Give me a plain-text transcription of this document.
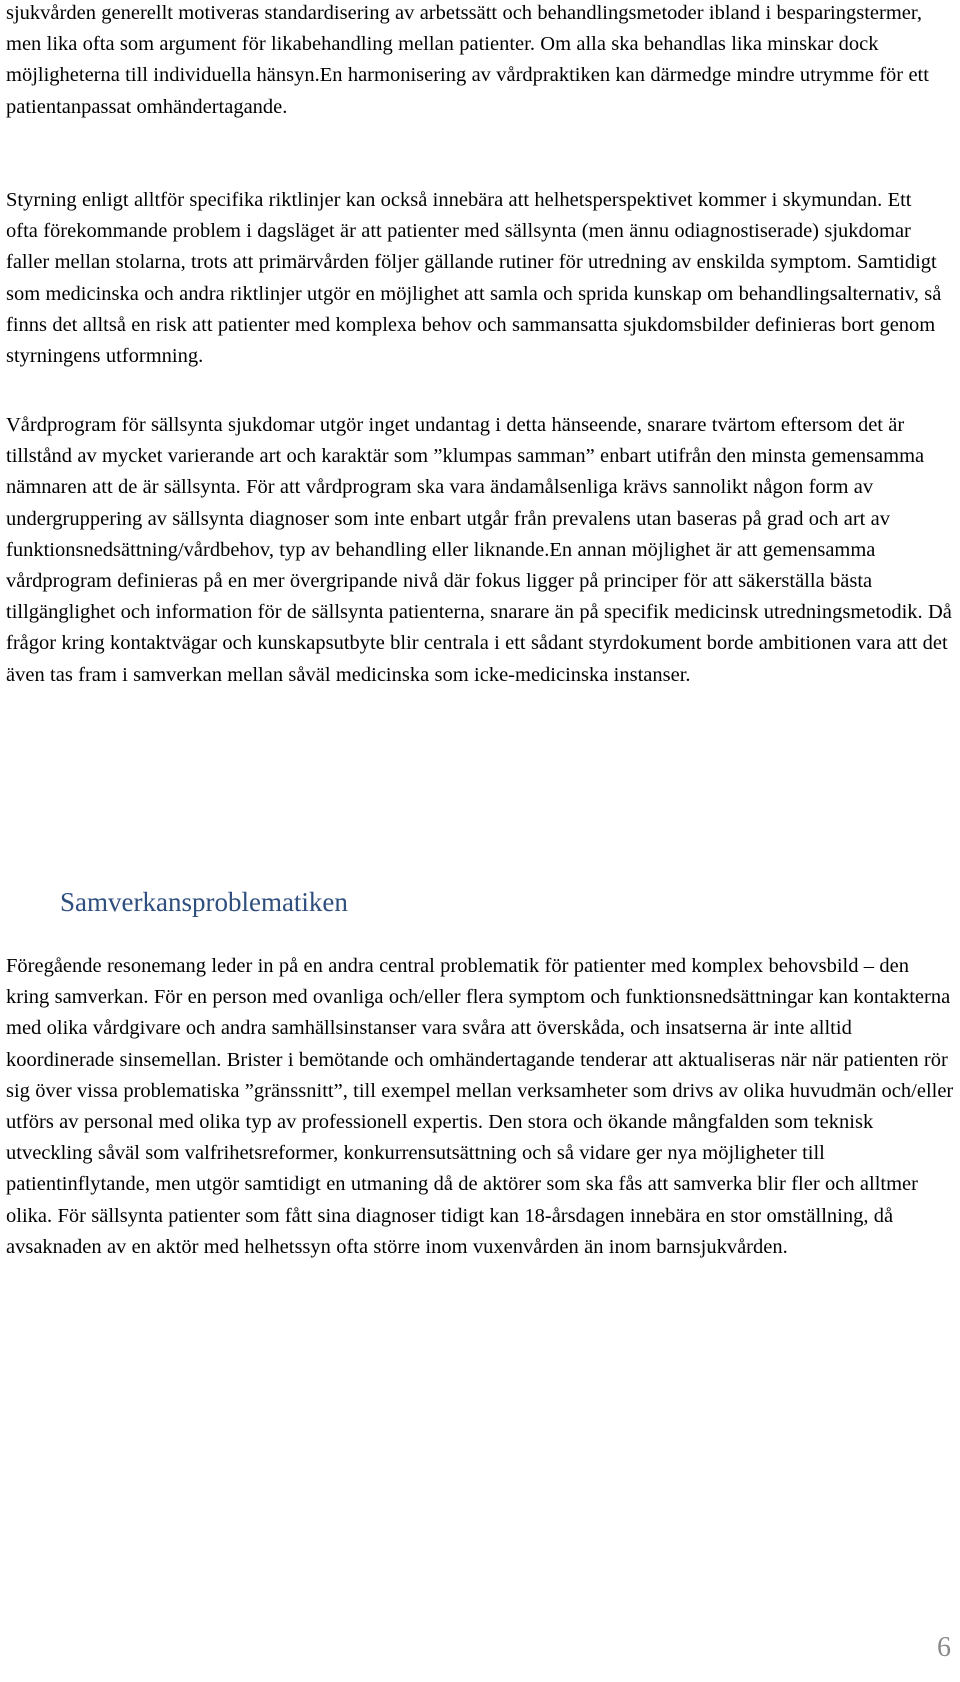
sjukvården generellt motiveras standardisering av arbetssätt och behandlingsmetoder ibland i besparingstermer, men lika ofta som argument för likabehandling mellan patienter. Om alla ska behandlas lika minskar dock möjligheterna till individuella hänsyn.En harmonisering av vårdpraktiken kan därmedge mindre utrymme för ett patientanpassat omhändertagande.

Styrning enligt alltför specifika riktlinjer kan också innebära att helhetsperspektivet kommer i skymundan. Ett ofta förekommande problem i dagsläget är att patienter med sällsynta (men ännu odiagnostiserade) sjukdomar faller mellan stolarna, trots att primärvården följer gällande rutiner för utredning av enskilda symptom. Samtidigt som medicinska och andra riktlinjer utgör en möjlighet att samla och sprida kunskap om behandlingsalternativ, så finns det alltså en risk att patienter med komplexa behov och sammansatta sjukdomsbilder definieras bort genom styrningens utformning.

Vårdprogram för sällsynta sjukdomar utgör inget undantag i detta hänseende, snarare tvärtom eftersom det är tillstånd av mycket varierande art och karaktär som ”klumpas samman” enbart utifrån den minsta gemensamma nämnaren att de är sällsynta. För att vårdprogram ska vara ändamålsenliga krävs sannolikt någon form av undergruppering av sällsynta diagnoser som inte enbart utgår från prevalens utan baseras på grad och art av funktionsnedsättning/vårdbehov, typ av behandling eller liknande.En annan möjlighet är att gemensamma vårdprogram definieras på en mer övergripande nivå där fokus ligger på principer för att säkerställa bästa tillgänglighet och information för de sällsynta patienterna, snarare än på specifik medicinsk utredningsmetodik. Då frågor kring kontaktvägar och kunskapsutbyte blir centrala i ett sådant styrdokument borde ambitionen vara att det även tas fram i samverkan mellan såväl medicinska som icke-medicinska instanser.

Samverkansproblematiken

Föregående resonemang leder in på en andra central problematik för patienter med komplex behovsbild – den kring samverkan. För en person med ovanliga och/eller flera symptom och funktionsnedsättningar kan kontakterna med olika vårdgivare och andra samhällsinstanser vara svåra att överskåda, och insatserna är inte alltid koordinerade sinsemellan. Brister i bemötande och omhändertagande tenderar att aktualiseras när när patienten rör sig över vissa problematiska ”gränssnitt”, till exempel mellan verksamheter som drivs av olika huvudmän och/eller utförs av personal med olika typ av professionell expertis. Den stora och ökande mångfalden som teknisk utveckling såväl som valfrihetsreformer, konkurrensutsättning och så vidare ger nya möjligheter till patientinflytande, men utgör samtidigt en utmaning då de aktörer som ska fås att samverka blir fler och alltmer olika. För sällsynta patienter som fått sina diagnoser tidigt kan 18-årsdagen innebära en stor omställning, då avsaknaden av en aktör med helhetssyn ofta större inom vuxenvården än inom barnsjukvården.

6
